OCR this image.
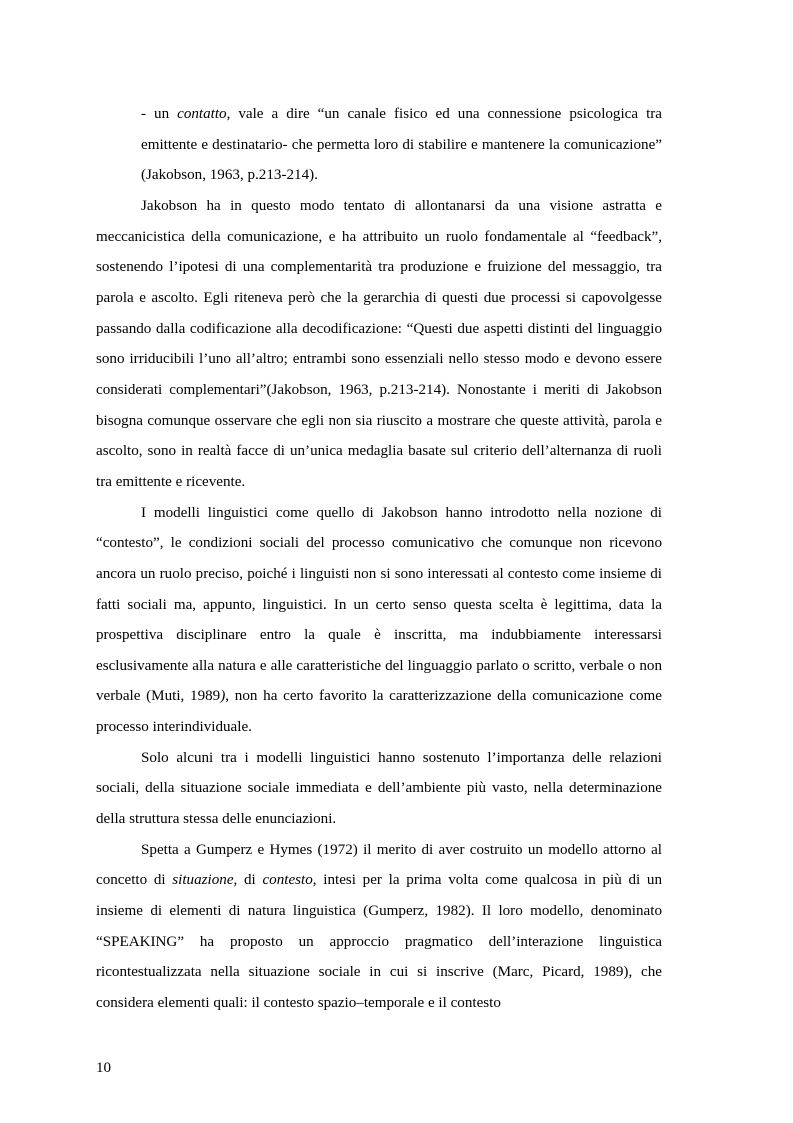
- un contatto, vale a dire “un canale fisico ed una connessione psicologica tra emittente e destinatario- che permetta loro di stabilire e mantenere la comunicazione” (Jakobson, 1963, p.213-214).

Jakobson ha in questo modo tentato di allontanarsi da una visione astratta e meccanicistica della comunicazione, e ha attribuito un ruolo fondamentale al “feedback”, sostenendo l’ipotesi di una complementarità tra produzione e fruizione del messaggio, tra parola e ascolto. Egli riteneva però che la gerarchia di questi due processi si capovolgesse passando dalla codificazione alla decodificazione: “Questi due aspetti distinti del linguaggio sono irriducibili l’uno all’altro; entrambi sono essenziali nello stesso modo e devono essere considerati complementari”(Jakobson, 1963, p.213-214). Nonostante i meriti di Jakobson bisogna comunque osservare che egli non sia riuscito a mostrare che queste attività, parola e ascolto, sono in realtà facce di un’unica medaglia basate sul criterio dell’alternanza di ruoli tra emittente e ricevente.

I modelli linguistici come quello di Jakobson hanno introdotto nella nozione di “contesto”, le condizioni sociali del processo comunicativo che comunque non ricevono ancora un ruolo preciso, poiché i linguisti non si sono interessati al contesto come insieme di fatti sociali ma, appunto, linguistici. In un certo senso questa scelta è legittima, data la prospettiva disciplinare entro la quale è inscritta, ma indubbiamente interessarsi esclusivamente alla natura e alle caratteristiche del linguaggio parlato o scritto, verbale o non verbale (Muti, 1989), non ha certo favorito la caratterizzazione della comunicazione come processo interindividuale.

Solo alcuni tra i modelli linguistici hanno sostenuto l’importanza delle relazioni sociali, della situazione sociale immediata e dell’ambiente più vasto, nella determinazione della struttura stessa delle enunciazioni.

Spetta a Gumperz e Hymes (1972) il merito di aver costruito un modello attorno al concetto di situazione, di contesto, intesi per la prima volta come qualcosa in più di un insieme di elementi di natura linguistica (Gumperz, 1982). Il loro modello, denominato “SPEAKING” ha proposto un approccio pragmatico dell’interazione linguistica ricontestualizzata nella situazione sociale in cui si inscrive (Marc, Picard, 1989), che considera elementi quali: il contesto spazio–temporale e il contesto

10
